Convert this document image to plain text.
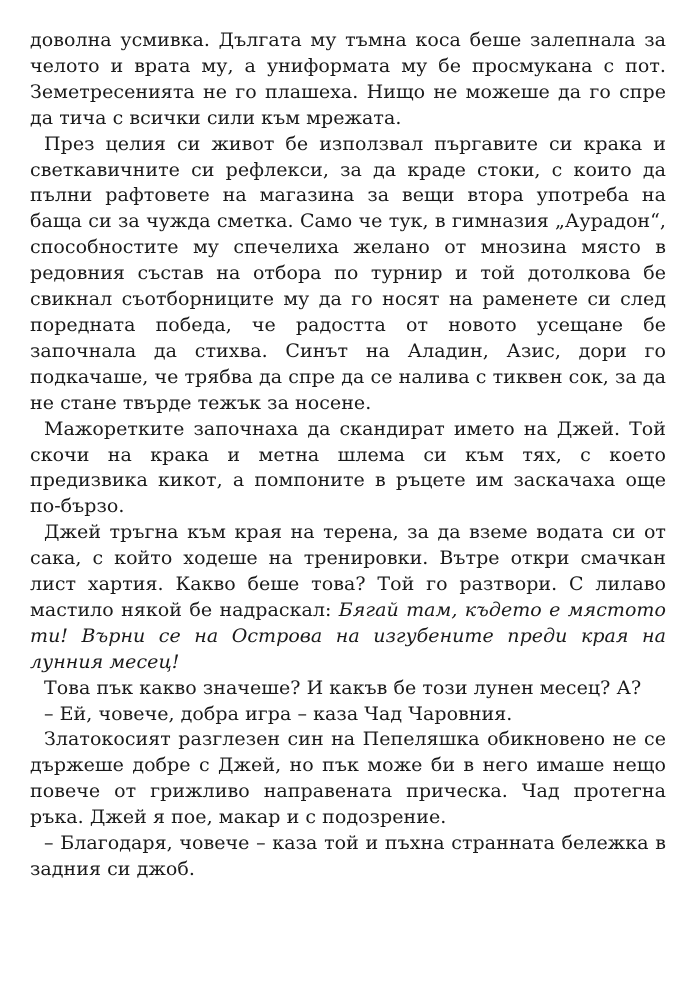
доволна усмивка. Дългата му тъмна коса беше залепнала за челото и врата му, а униформата му бе просмукана с пот. Земетресенията не го плашеха. Нищо не можеше да го спре да тича с всички сили към мрежата.

През целия си живот бе използвал пъргавите си крака и светкавичните си рефлекси, за да краде стоки, с които да пълни рафтовете на магазина за вещи втора употреба на баща си за чужда сметка. Само че тук, в гимназия „Аурадон“, способностите му спечелиха желано от мнозина място в редовния състав на отбора по турнир и той дотолкова бе свикнал съотборниците му да го носят на раменете си след поредната победа, че радостта от новото усещане бе започнала да стихва. Синът на Аладин, Азис, дори го подкачаше, че трябва да спре да се налива с тиквен сок, за да не стане твърде тежък за носене.

Мажоретките започнаха да скандират името на Джей. Той скочи на крака и метна шлема си към тях, с което предизвика кикот, а помпоните в ръцете им заскачаха още по-бързо.

Джей тръгна към края на терена, за да вземе водата си от сака, с който ходеше на тренировки. Вътре откри смачкан лист хартия. Какво беше това? Той го разтвори. С лилаво мастило някой бе надраскал: Бягай там, където е мястото ти! Върни се на Острова на изгубените преди края на лунния месец!

Това пък какво значеше? И какъв бе този лунен месец? А?

– Ей, човече, добра игра – каза Чад Чаровния.

Златокосият разглезен син на Пепеляшка обикновено не се държеше добре с Джей, но пък може би в него имаше нещо повече от грижливо направената прическа. Чад протегна ръка. Джей я пое, макар и с подозрение.

– Благодаря, човече – каза той и пъхна странната бележка в задния си джоб.
